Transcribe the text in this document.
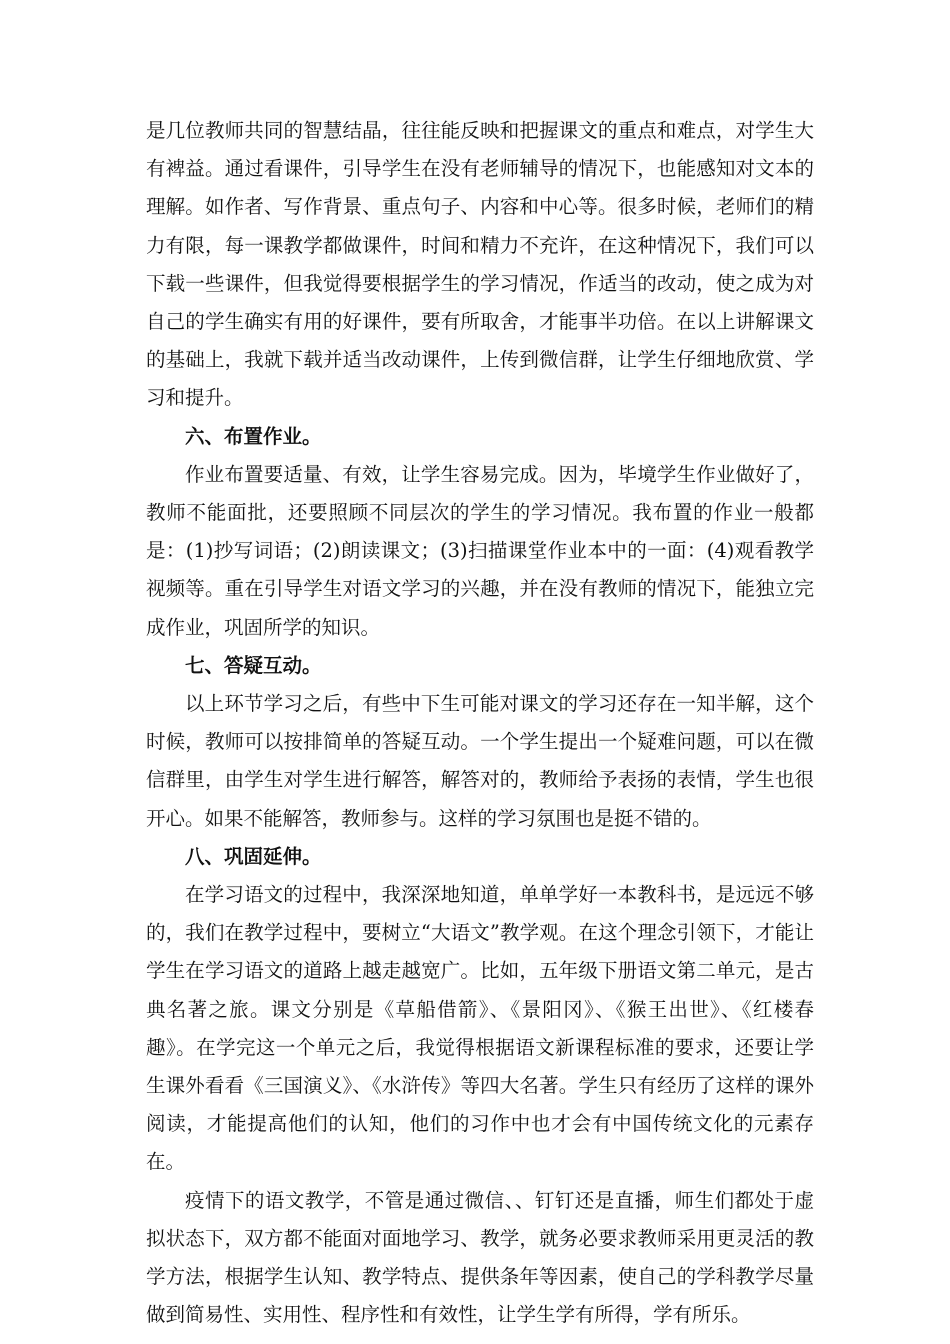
是几位教师共同的智慧结晶，往往能反映和把握课文的重点和难点，对学生大有裨益。通过看课件，引导学生在没有老师辅导的情况下，也能感知对文本的理解。如作者、写作背景、重点句子、内容和中心等。很多时候，老师们的精力有限，每一课教学都做课件，时间和精力不充许，在这种情况下，我们可以下载一些课件，但我觉得要根据学生的学习情况，作适当的改动，使之成为对自己的学生确实有用的好课件，要有所取舍，才能事半功倍。在以上讲解课文的基础上，我就下载并适当改动课件，上传到微信群，让学生仔细地欣赏、学习和提升。

六、布置作业。

作业布置要适量、有效，让学生容易完成。因为，毕境学生作业做好了，教师不能面批，还要照顾不同层次的学生的学习情况。我布置的作业一般都是：(1)抄写词语；(2)朗读课文；(3)扫描课堂作业本中的一面：(4)观看教学视频等。重在引导学生对语文学习的兴趣，并在没有教师的情况下，能独立完成作业，巩固所学的知识。

七、答疑互动。

以上环节学习之后，有些中下生可能对课文的学习还存在一知半解，这个时候，教师可以按排简单的答疑互动。一个学生提出一个疑难问题，可以在微信群里，由学生对学生进行解答，解答对的，教师给予表扬的表情，学生也很开心。如果不能解答，教师参与。这样的学习氛围也是挺不错的。

八、巩固延伸。

在学习语文的过程中，我深深地知道，单单学好一本教科书，是远远不够的，我们在教学过程中，要树立“大语文”教学观。在这个理念引领下，才能让学生在学习语文的道路上越走越宽广。比如，五年级下册语文第二单元，是古典名著之旅。课文分别是《草船借箭》、《景阳冈》、《猴王出世》、《红楼春趣》。在学完这一个单元之后，我觉得根据语文新课程标准的要求，还要让学生课外看看《三国演义》、《水浒传》等四大名著。学生只有经历了这样的课外阅读，才能提高他们的认知，他们的习作中也才会有中国传统文化的元素存在。

疫情下的语文教学，不管是通过微信、、钉钉还是直播，师生们都处于虚拟状态下，双方都不能面对面地学习、教学，就务必要求教师采用更灵活的教学方法，根据学生认知、教学特点、提供条年等因素，使自己的学科教学尽量做到简易性、实用性、程序性和有效性，让学生学有所得，学有所乐。
